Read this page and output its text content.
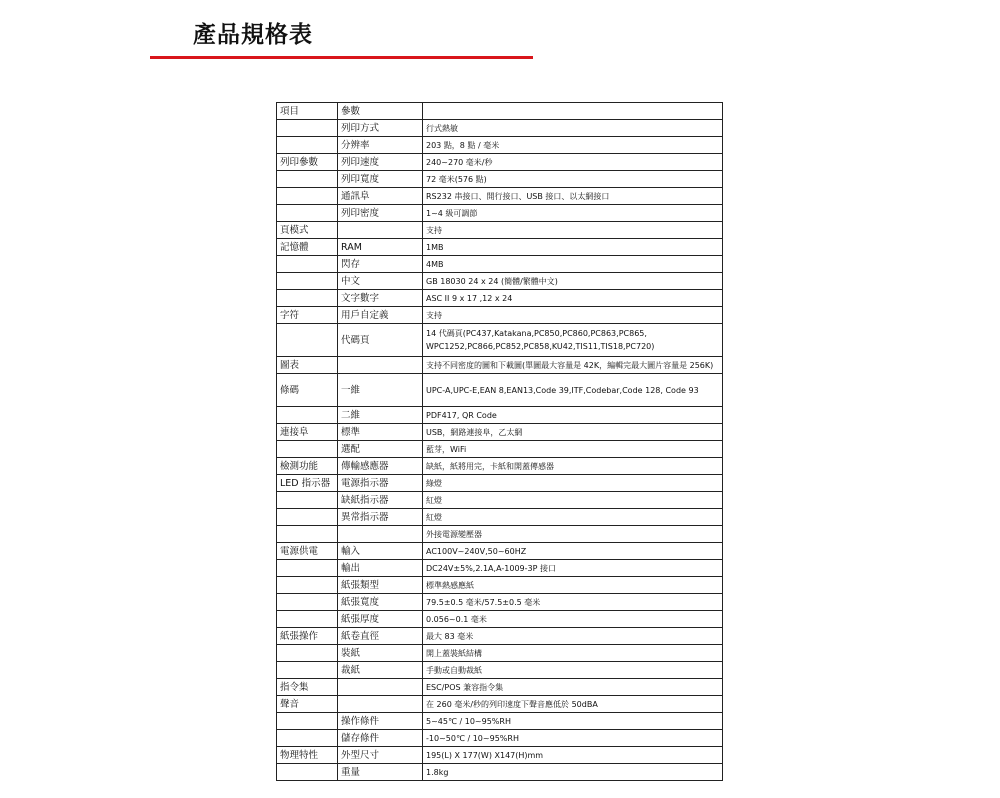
產品規格表
項目	參數	
	列印方式	行式熱敏
	分辨率	203 點，8 點 / 毫米
列印參數	列印速度	240~270 毫米/秒
	列印寬度	72 毫米(576 點)
	通訊阜	RS232 串接口、開行接口、USB 接口、以太網接口
	列印密度	1~4 級可調節
頁模式		支持
記憶體	RAM	1MB
	閃存	4MB
	中文	GB 18030 24 x 24 (簡體/繁體中文)
	文字數字	ASC II 9 x 17 ,12 x 24
字符	用戶自定義	支持
	代碼頁	14 代碼頁(PC437,Katakana,PC850,PC860,PC863,PC865, WPC1252,PC866,PC852,PC858,KU42,TIS11,TIS18,PC720)
圖表		支持不同密度的圖和下載圖(單圖最大容量是 42K，編輯完最大圖片容量是 256K)
條碼	一維	UPC-A,UPC-E,EAN 8,EAN13,Code 39,ITF,Codebar,Code 128, Code 93
	二維	PDF417, QR Code
連接阜	標準	USB，網路連接阜，乙太網
	選配	藍芽，WiFi
檢測功能	傳輸感應器	缺紙，紙將用完，卡紙和開蓋傳感器
LED 指示器	電源指示器	綠燈
	缺紙指示器	紅燈
	異常指示器	紅燈
		外接電源變壓器
電源供電	輸入	AC100V~240V,50~60HZ
	輸出	DC24V±5%,2.1A,A-1009-3P 接口
	紙張類型	標準熱感應紙
	紙張寬度	79.5±0.5 毫米/57.5±0.5 毫米
	紙張厚度	0.056~0.1 毫米
紙張操作	紙卷直徑	最大 83 毫米
	裝紙	開上蓋裝紙結構
	裁紙	手動或自動裁紙
指令集		ESC/POS 兼容指令集
聲音		在 260 毫米/秒的列印速度下聲音應低於 50dBA
	操作條件	5~45℃ / 10~95%RH
	儲存條件	-10~50℃ / 10~95%RH
物理特性	外型尺寸	195(L) X 177(W) X147(H)mm
	重量	1.8kg
